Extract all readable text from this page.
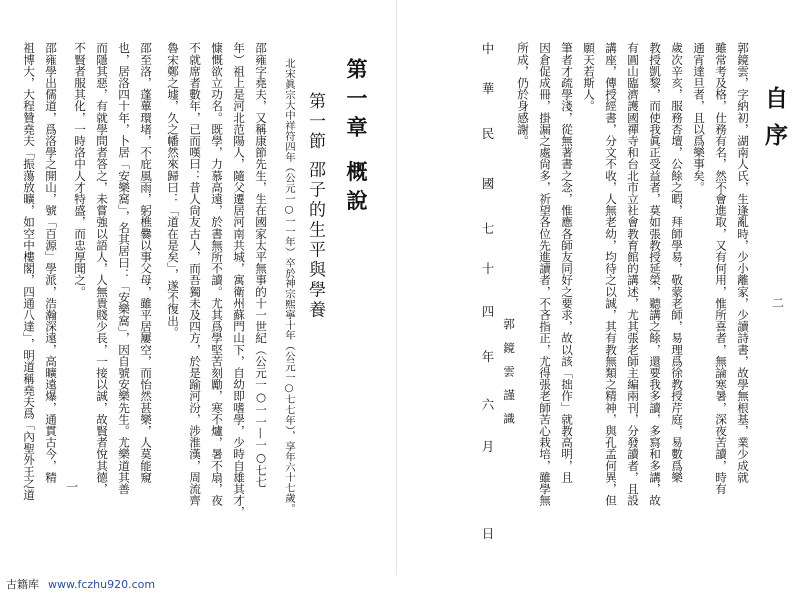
祖博大，大程贊堯夫「振蕩放曠，如空中樓閣，四通八達」，明道稱堯夫爲「內聖外王之道 邵雍學出儒道，爲洛學之開山，號「百源」學派，浩瀚深遠，高曠遠爆，通貫古今，精 不賢者服其化，一時洛中人才特盛，而忠厚聞之。 而隱其惡，有就學問者答之，未嘗強以語人，人無貴賤少長，一接以誠，故賢者悅其德， 也，居洛四十年，卜居「安樂窩」，名其居曰：「安樂窩」，因自號安樂先生。尤樂道其善 邵至洛，蓬蓽環堵，不庇風雨，躬樵爨以事父母，雖平居屢空，而怡然甚樂，人莫能窺 魯宋鄭之墟，久之幡然來歸曰：「道在是矣」，遂不復出。 不就席者數年，已而嘆曰：昔人尙友古人，而吾獨未及四方，於是踰河汾，涉淮漢，周流齊 慷慨欲立功名。既學，力慕高遠，於書無所不讀。尤其爲學堅苦刻勵，寒不爐，暑不扇，夜 年）祖上是河北范陽人，隨父遷居河南共城，寓衛州蘇門山下，自幼即嗜學，少時自雄其才， 邵雍字堯夫，又稱康節先生，生在國家太平無事的十一世紀（公元一○一一—一○七七 北宋眞宗大中祥符四年（公元一○一一年）卒於神宗熙寧十年（公元一○七七年），享年六十七歲。 第一節 邵子的生平與學養 第一章 概說
一
中
華
民
國
七
十
四
年
六
月
日
郭鏡雲謹識
所成，仍於身感謝。 因倉促成冊，掛漏之處尙多，祈望各位先進讀者，不吝指正，尤得張老師苦心栽培，雖學無 筆者才疏學淺，從無著書之念，惟應各師友同好之要求，故以該「拙作」就教高明，且 願天若斯人。 講座，傳授經書，分文不收，人無老幼，均待之以誠，其有教無類之精神，與孔孟何異，但 有圓山臨濟護國禪寺和台北市立社會教育館的講述，尤其張老師主編兩刊，分發讀者，且設 教授凱黎，而使我眞正受益者，莫如張教授延榮，聽講之餘，還要我多讀，多寫和多講，故 歲次辛亥，服務杏壇，公餘之暇，拜師學易，敬蒙老師，易理爲徐教授芹庭，易數爲樂 通宵達旦者，且以爲樂事矣。 雖常考及格，仕務有名，然不會進取，又有何用，惟所喜者，無論寒暑，深夜苦讀，時有 郭鏡雲，字納初，湖南人氏，生逢亂時，少小離家，少讀詩書，故學無根基，業少成就 自序
二
古籍库 www.fczhu920.com
